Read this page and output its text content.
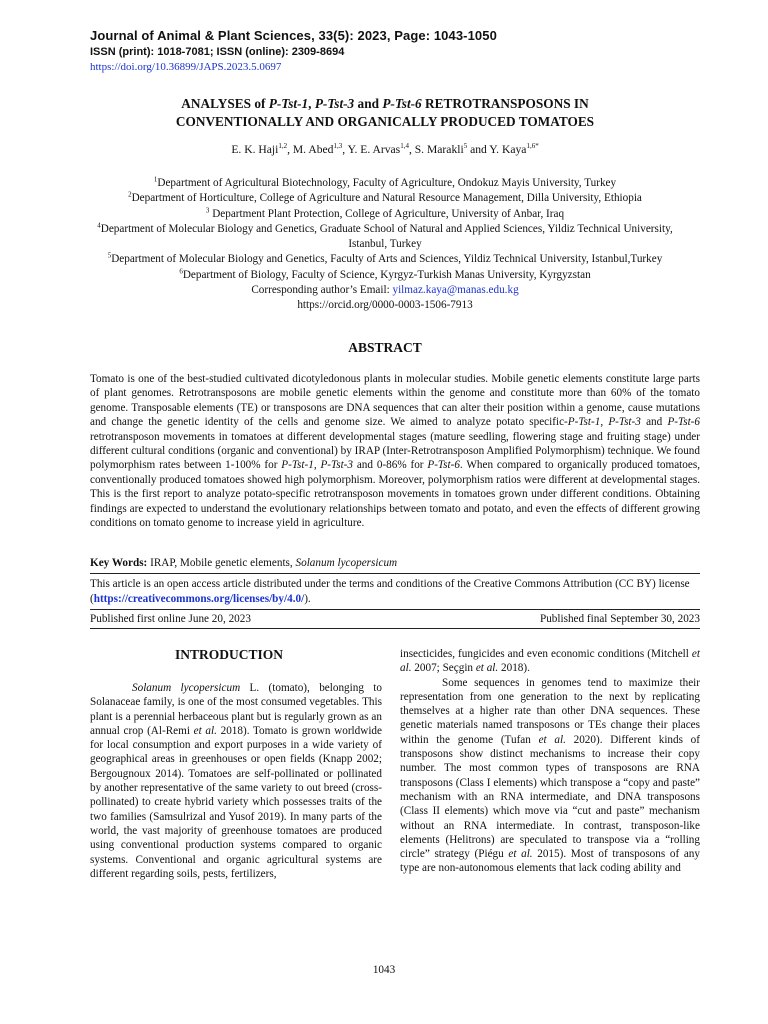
Journal of Animal & Plant Sciences, 33(5): 2023, Page: 1043-1050
ISSN (print): 1018-7081; ISSN (online): 2309-8694
https://doi.org/10.36899/JAPS.2023.5.0697
ANALYSES of P-Tst-1, P-Tst-3 and P-Tst-6 RETROTRANSPOSONS IN
CONVENTIONALLY AND ORGANICALLY PRODUCED TOMATOES
E. K. Haji$^{1,2}$, M. Abed$^{1,3}$, Y. E. Arvas$^{1,4}$, S. Marakli$^5$ and Y. Kaya$^{1,6*}$
$^1$Department of Agricultural Biotechnology, Faculty of Agriculture, Ondokuz Mayis University, Turkey
$^2$Department of Horticulture, College of Agriculture and Natural Resource Management, Dilla University, Ethiopia
$^3$ Department Plant Protection, College of Agriculture, University of Anbar, Iraq
$^4$Department of Molecular Biology and Genetics, Graduate School of Natural and Applied Sciences, Yildiz Technical University, Istanbul, Turkey
$^5$Department of Molecular Biology and Genetics, Faculty of Arts and Sciences, Yildiz Technical University, Istanbul,Turkey
$^6$Department of Biology, Faculty of Science, Kyrgyz-Turkish Manas University, Kyrgyzstan
Corresponding author’s Email: yilmaz.kaya@manas.edu.kg
https://orcid.org/0000-0003-1506-7913
ABSTRACT
Tomato is one of the best-studied cultivated dicotyledonous plants in molecular studies. Mobile genetic elements constitute large parts of plant genomes. Retrotransposons are mobile genetic elements within the genome and constitute more than 60% of the tomato genome. Transposable elements (TE) or transposons are DNA sequences that can alter their position within a genome, cause mutations and change the genetic identity of the cells and genome size. We aimed to analyze potato specific-P-Tst-1, P-Tst-3 and P-Tst-6 retrotransposon movements in tomatoes at different developmental stages (mature seedling, flowering stage and fruiting stage) under different cultural conditions (organic and conventional) by IRAP (Inter-Retrotransposon Amplified Polymorphism) technique. We found polymorphism rates between 1-100% for P-Tst-1, P-Tst-3 and 0-86% for P-Tst-6. When compared to organically produced tomatoes, conventionally produced tomatoes showed high polymorphism. Moreover, polymorphism ratios were different at developmental stages. This is the first report to analyze potato-specific retrotransposon movements in tomatoes grown under different conditions. Obtaining findings are expected to understand the evolutionary relationships between tomato and potato, and even the effects of different growing conditions on tomato genome to increase yield in agriculture.
Key Words: IRAP, Mobile genetic elements, Solanum lycopersicum
This article is an open access article distributed under the terms and conditions of the Creative Commons Attribution (CC BY) license (https://creativecommons.org/licenses/by/4.0/).
Published first online June 20, 2023	Published final September 30, 2023
INTRODUCTION

Solanum lycopersicum L. (tomato), belonging to Solanaceae family, is one of the most consumed vegetables. This plant is a perennial herbaceous plant but is regularly grown as an annual crop (Al-Remi et al. 2018). Tomato is grown worldwide for local consumption and export purposes in a wide variety of geographical areas in greenhouses or open fields (Knapp 2002; Bergougnoux 2014). Tomatoes are self-pollinated or pollinated by another representative of the same variety to out breed (cross-pollinated) to create hybrid variety which possesses traits of the two families (Samsulrizal and Yusof 2019). In many parts of the world, the vast majority of greenhouse tomatoes are produced using conventional production systems compared to organic systems. Conventional and organic agricultural systems are different regarding soils, pests, fertilizers,

insecticides, fungicides and even economic conditions (Mitchell et al. 2007; Seçgin et al. 2018).

Some sequences in genomes tend to maximize their representation from one generation to the next by replicating themselves at a higher rate than other DNA sequences. These genetic materials named transposons or TEs change their places within the genome (Tufan et al. 2020). Different kinds of transposons show distinct mechanisms to increase their copy number. The most common types of transposons are RNA transposons (Class I elements) which transpose a “copy and paste” mechanism with an RNA intermediate, and DNA transposons (Class II elements) which move via “cut and paste” mechanism without an RNA intermediate. In contrast, transposon-like elements (Helitrons) are speculated to transpose via a “rolling circle” strategy (Piégu et al. 2015). Most of transposons of any type are non-autonomous elements that lack coding ability and

1043
